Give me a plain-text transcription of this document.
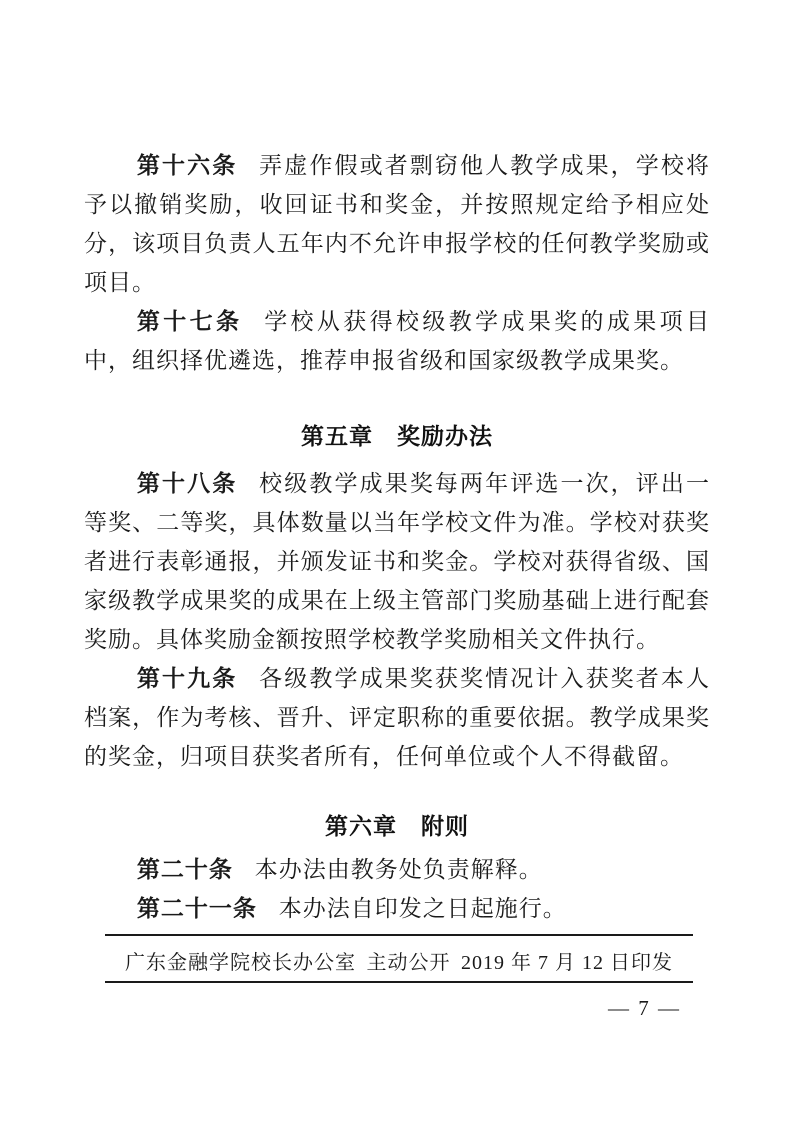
第十六条 弄虚作假或者剽窃他人教学成果，学校将予以撤销奖励，收回证书和奖金，并按照规定给予相应处分，该项目负责人五年内不允许申报学校的任何教学奖励或项目。

第十七条 学校从获得校级教学成果奖的成果项目中，组织择优遴选，推荐申报省级和国家级教学成果奖。

第五章　奖励办法

第十八条 校级教学成果奖每两年评选一次，评出一等奖、二等奖，具体数量以当年学校文件为准。学校对获奖者进行表彰通报，并颁发证书和奖金。学校对获得省级、国家级教学成果奖的成果在上级主管部门奖励基础上进行配套奖励。具体奖励金额按照学校教学奖励相关文件执行。

第十九条 各级教学成果奖获奖情况计入获奖者本人档案，作为考核、晋升、评定职称的重要依据。教学成果奖的奖金，归项目获奖者所有，任何单位或个人不得截留。

第六章　附则

第二十条 本办法由教务处负责解释。

第二十一条 本办法自印发之日起施行。

广东金融学院校长办公室 主动公开 2019 年 7 月 12 日印发
— 7 —
